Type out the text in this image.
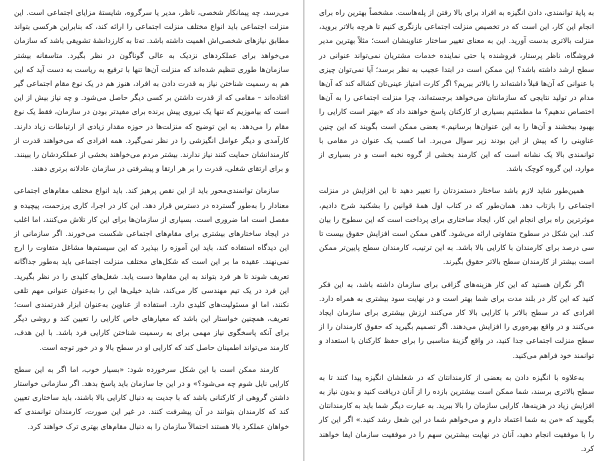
می‌رسد، چه پیمانکار شخصی، ناظر، مدیر یا سرگروه، شایستهٔ مزایای اجتماعی است. این منزلت اجتماعی باید انواع مختلف منزلت اجتماعی را ارائه کند، که بنابراین هرکسی بتواند مطابق نیازهای شخصی‌اش اهمیت داشته باشد. ته‌تا به کارزدانشهٔ تشویقی باشد که سازمان می‌خواهد برای عملکردهای نزدیک به عالی گوناگون در نظر بگیرد. متاسفانه بیشتر سازمان‌ها طوری تنظیم شده‌اند که منزلت آن‌ها تنها با ترفیع به ریاست به دست آید که این هم به رسمیت شناختن نیاز به قدرت دادن به افراد، هنوز هم در یک نوع مقام اجتماعی گیر افتاده‌اند – مقامی که از قدرت داشتن بر کسی دیگر حاصل می‌شود. و چه نیاز بیش از این است که بیاموزیم که تنها یک نیروی پیش برنده برای مفیدتر بودن در سازمان، فقط یک نوع مقام را می‌دهد. به این توضیح که منزلت‌ها در حوزه مقدار زیادی از ارتباطات زیاد دارند. کارآمدی و دیگر عوامل انگیزشی را در نظر نمی‌گیرد. همه افرادی که می‌خواهند قدرت از کارمندانشان حمایت کنند نیاز ندارند. بیشتر مردم می‌خواهند بخشی از عملکردشان را ببینند. و برای ارتقای شغلی، قدرت را بر هر ارتقا و پیشرفتی در سازمان عادلانه برتری دهند.

سازمان توانمندی‌محور باید از این نقص پرهیز کند. باید انواع مختلف مقام‌های اجتماعی معنادار را به‌طور گسترده در دسترس قرار دهد. این کار در اجرا، کاری پرزحمت، پیچیده و مفصل است اما ضروری است. بسیاری از سازمان‌ها برای این کار تلاش می‌کنند، اما اغلب در ایجاد ساختارهای بیشتری برای مقام‌های اجتماعی شکست می‌خورند. اگر سازمانی از این دیدگاه استفاده کند، باید این آموزه را بپذیرد که این سیستم‌ها مشاغل متفاوت را ارج نمی‌نهند. عقیده ما بر این است که شکل‌های مختلف منزلت اجتماعی باید به‌طور جداگانه تعریف شوند تا هر فرد بتواند به این مقام‌ها دست یابد. شغل‌های کلیدی را در نظر بگیرید. این فرد در یک تیم مهندسی کار می‌کند، شاید خیلی‌ها این را به‌عنوان عنوانی مهم تلقی نکنند، اما او مسئولیت‌های کلیدی دارد. استفاده از عناوین به‌عنوان ابزار قدرتمندی است؛ تعریف، همچنین خواستار این باشد که معیارهای خاص کارایی را تعیین کند و روشی دیگر برای آنکه پاسخگوی نیاز مهمی برای به رسمیت شناختن کارایی فرد باشد. با این هدف، کارمند می‌تواند اطمینان حاصل کند که کارایی او در سطح بالا و در خور توجه است.

کارمند ممکن است با این شکل سرخورده شود: «بسیار خوب، اما اگر به این سطح کارایی نایل شوم چه می‌شود؟» و در این جا سازمان باید پاسخ بدهد. اگر سازمانی خواستار داشتن گروهی از کارکنانی باشد که با جدیت به دنبال کارایی بالا باشند، باید ساختاری تعیین کند که کارمندان بتوانند در آن پیشرفت کنند. در غیر این صورت، کارمندان توانمندی که خواهان عملکرد بالا هستند احتمالاً سازمان را به دنبال مقام‌های بهتری ترک خواهند کرد.

به پایهٔ توانمندی، دادن انگیزه به افراد برای بالا رفتن از پله‌هاست. مشخصاً بهترین راه برای انجام این کار، این است که در تخصیص منزلت اجتماعی بازنگری کنیم تا هرچه بالاتر بروید، منزلت بالاتری بدست آورید. این به معنای تغییر ساختار عناوینشان است؛ مثلاً بهترین مدیر فروشگاه، ناظر پرستار، فروشنده یا حتی نماینده خدمات مشتریان نمی‌تواند عنوانی در سطح ارشد داشته باشد؟ این ممکن است در ابتدا عجیب به نظر برسد؛ آیا نمی‌توان چیزی با عنوانی که آن‌ها قبلاً داشته‌اند را بالاتر ببریم؟ اگر کارت امتیاز عینی‌تان کشاله کند که آن‌ها مدام در تولید نتایجی که سازمانتان می‌خواهد برجسته‌اند، چرا منزلت اجتماعی را به آن‌ها اختصاص ندهیم؟ ما مطمئنیم بسیاری از کارکنان پاسخ خواهند داد که «بهتر است کارایی را بهبود ببخشند و آن‌ها را به این عنوان‌ها برسانیم.» بعضی ممکن است بگویند که این چنین عناوینی را که پیش از این بودند زیر سوال می‌برد. اما کسب یک عنوان در مقامی با توانمندی بالا یک نشانه است که این کارمند بخشی از گروه نخبه است و در بسیاری از موارد، این گروه کوچک باشد.

همین‌طور شاید لازم باشد ساختار دستمزدتان را تغییر دهید تا این افزایش در منزلت اجتماعی را بازتاب دهد. همان‌طور که در کتاب اول همهٔ قوانین را بشکنید شرح دادیم، موثرترین راه برای انجام این کار، ایجاد ساختاری برای پرداخت است که این سطوح را بیان کند. این شکل در سطوح متفاوتی ارائه می‌شود. گاهی ممکن است افزایش حقوق بیست تا سی درصد برای کارمندان با کارایی بالا باشد. به این ترتیب، کارمندان سطح پایین‌تر ممکن است بیشتر از کارمندان سطح بالاتر حقوق بگیرند.

اگر نگران هستید که این کار هزینه‌های گزافی برای سازمان داشته باشد، به این فکر کنید که این کار در بلند مدت برای شما بهتر است و در نهایت سود بیشتری به همراه دارد. افرادی که در سطح بالاتر با کارایی بالا کار می‌کنند ارزش بیشتری برای سازمان ایجاد می‌کنند و در واقع بهره‌وری را افزایش می‌دهند. اگر تصمیم بگیرید که حقوق کارمندان را از سطح منزلت اجتماعی جدا کنید، در واقع گزینهٔ مناسبی را برای حفظ کارکنان با استعداد و توانمند خود فراهم می‌کنید.

به‌علاوه با انگیزه دادن به بعضی از کارمندانتان که در شغلشان انگیزه پیدا کنند تا به سطح بالاتری برسند، شما ممکن است بیشترین بازده را از آنان دریافت کنید و بدون نیاز به افزایش زیاد در هزینه‌ها، کارایی سازمان را بالا ببرید. به عبارت دیگر شما باید به کارمندانتان بگویید که «من به شما اعتماد دارم و می‌خواهم شما در این شغل رشد کنید.» اگر این کار را با موفقیت انجام دهید، آنان در نهایت بیشترین سهم را در موفقیت سازمان ایفا خواهند کرد.
